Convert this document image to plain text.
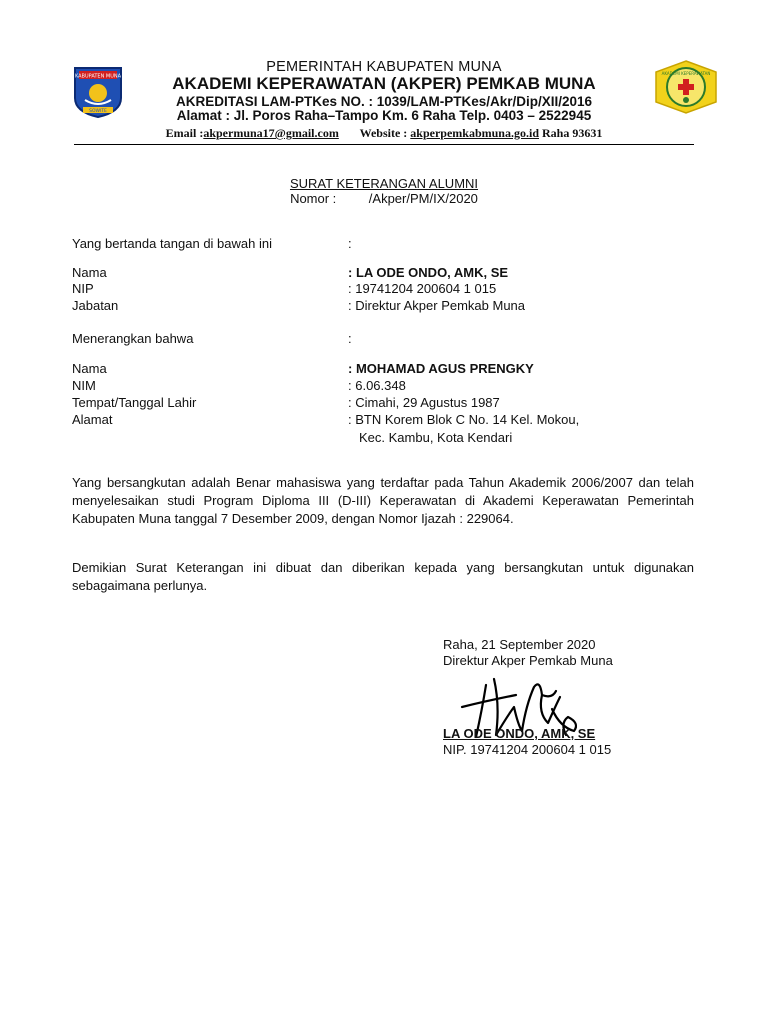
KABUPATEN MUNA
SOWITE
AKADEMI KEPERAWATAN
PEMERINTAH KABUPATEN MUNA
AKADEMI KEPERAWATAN (AKPER) PEMKAB MUNA
AKREDITASI LAM-PTKes NO. : 1039/LAM-PTKes/Akr/Dip/XII/2016
Alamat : Jl. Poros Raha–Tampo Km. 6 Raha Telp. 0403 – 2522945
Email :akpermuna17@gmail.com Website : akperpemkabmuna.go.id Raha 93631
SURAT KETERANGAN ALUMNI
Nomor :         /Akper/PM/IX/2020
Yang bertanda tangan di bawah ini	:
Nama	: LA ODE ONDO, AMK, SE
NIP	: 19741204 200604 1 015
Jabatan	: Direktur Akper Pemkab Muna
Menerangkan bahwa	:
Nama	: MOHAMAD AGUS PRENGKY
NIM	: 6.06.348
Tempat/Tanggal Lahir	: Cimahi, 29 Agustus 1987
Alamat	: BTN Korem Blok C No. 14 Kel. Mokou,
Kec. Kambu, Kota Kendari
Yang bersangkutan adalah Benar mahasiswa yang terdaftar pada Tahun Akademik 2006/2007 dan telah menyelesaikan studi Program Diploma III (D-III) Keperawatan di Akademi Keperawatan Pemerintah Kabupaten Muna tanggal 7 Desember 2009, dengan Nomor Ijazah : 229064.
Demikian Surat Keterangan ini dibuat dan diberikan kepada yang bersangkutan untuk digunakan sebagaimana perlunya.
Raha, 21 September 2020
Direktur Akper Pemkab Muna
LA ODE ONDO, AMK, SE
NIP. 19741204 200604 1 015
